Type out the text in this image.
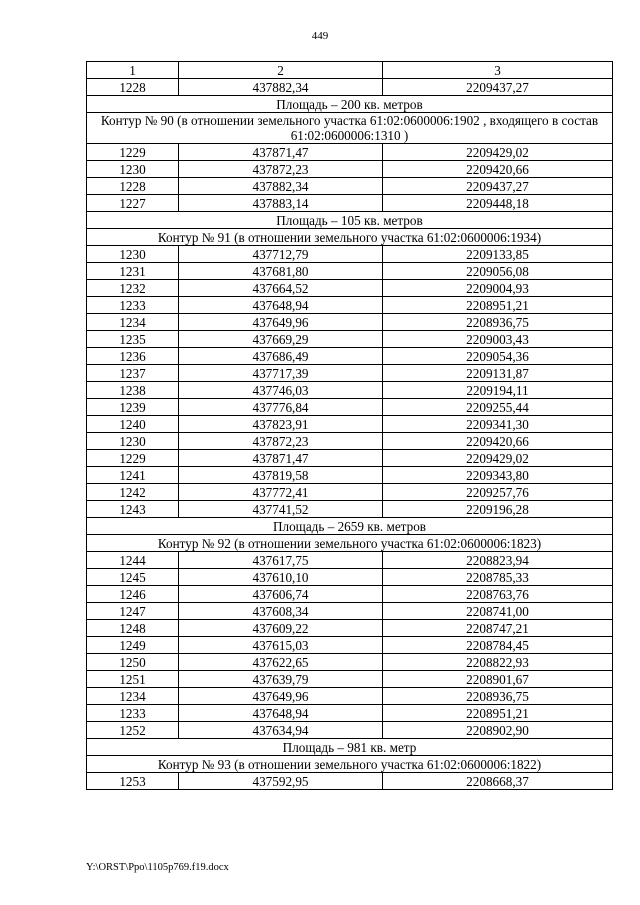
449
1	2	3
1228	437882,34	2209437,27
Площадь – 200 кв. метров		
Контур № 90 (в отношении земельного участка 61:02:0600006:1902 , входящего в состав 61:02:0600006:1310 )		
1229	437871,47	2209429,02
1230	437872,23	2209420,66
1228	437882,34	2209437,27
1227	437883,14	2209448,18
Площадь – 105 кв. метров		
Контур № 91 (в отношении земельного участка 61:02:0600006:1934)		
1230	437712,79	2209133,85
1231	437681,80	2209056,08
1232	437664,52	2209004,93
1233	437648,94	2208951,21
1234	437649,96	2208936,75
1235	437669,29	2209003,43
1236	437686,49	2209054,36
1237	437717,39	2209131,87
1238	437746,03	2209194,11
1239	437776,84	2209255,44
1240	437823,91	2209341,30
1230	437872,23	2209420,66
1229	437871,47	2209429,02
1241	437819,58	2209343,80
1242	437772,41	2209257,76
1243	437741,52	2209196,28
Площадь – 2659 кв. метров		
Контур № 92 (в отношении земельного участка 61:02:0600006:1823)		
1244	437617,75	2208823,94
1245	437610,10	2208785,33
1246	437606,74	2208763,76
1247	437608,34	2208741,00
1248	437609,22	2208747,21
1249	437615,03	2208784,45
1250	437622,65	2208822,93
1251	437639,79	2208901,67
1234	437649,96	2208936,75
1233	437648,94	2208951,21
1252	437634,94	2208902,90
Площадь – 981 кв. метр		
Контур № 93 (в отношении земельного участка 61:02:0600006:1822)		
1253	437592,95	2208668,37
Y:\ORST\Ppo\1105p769.f19.docx
